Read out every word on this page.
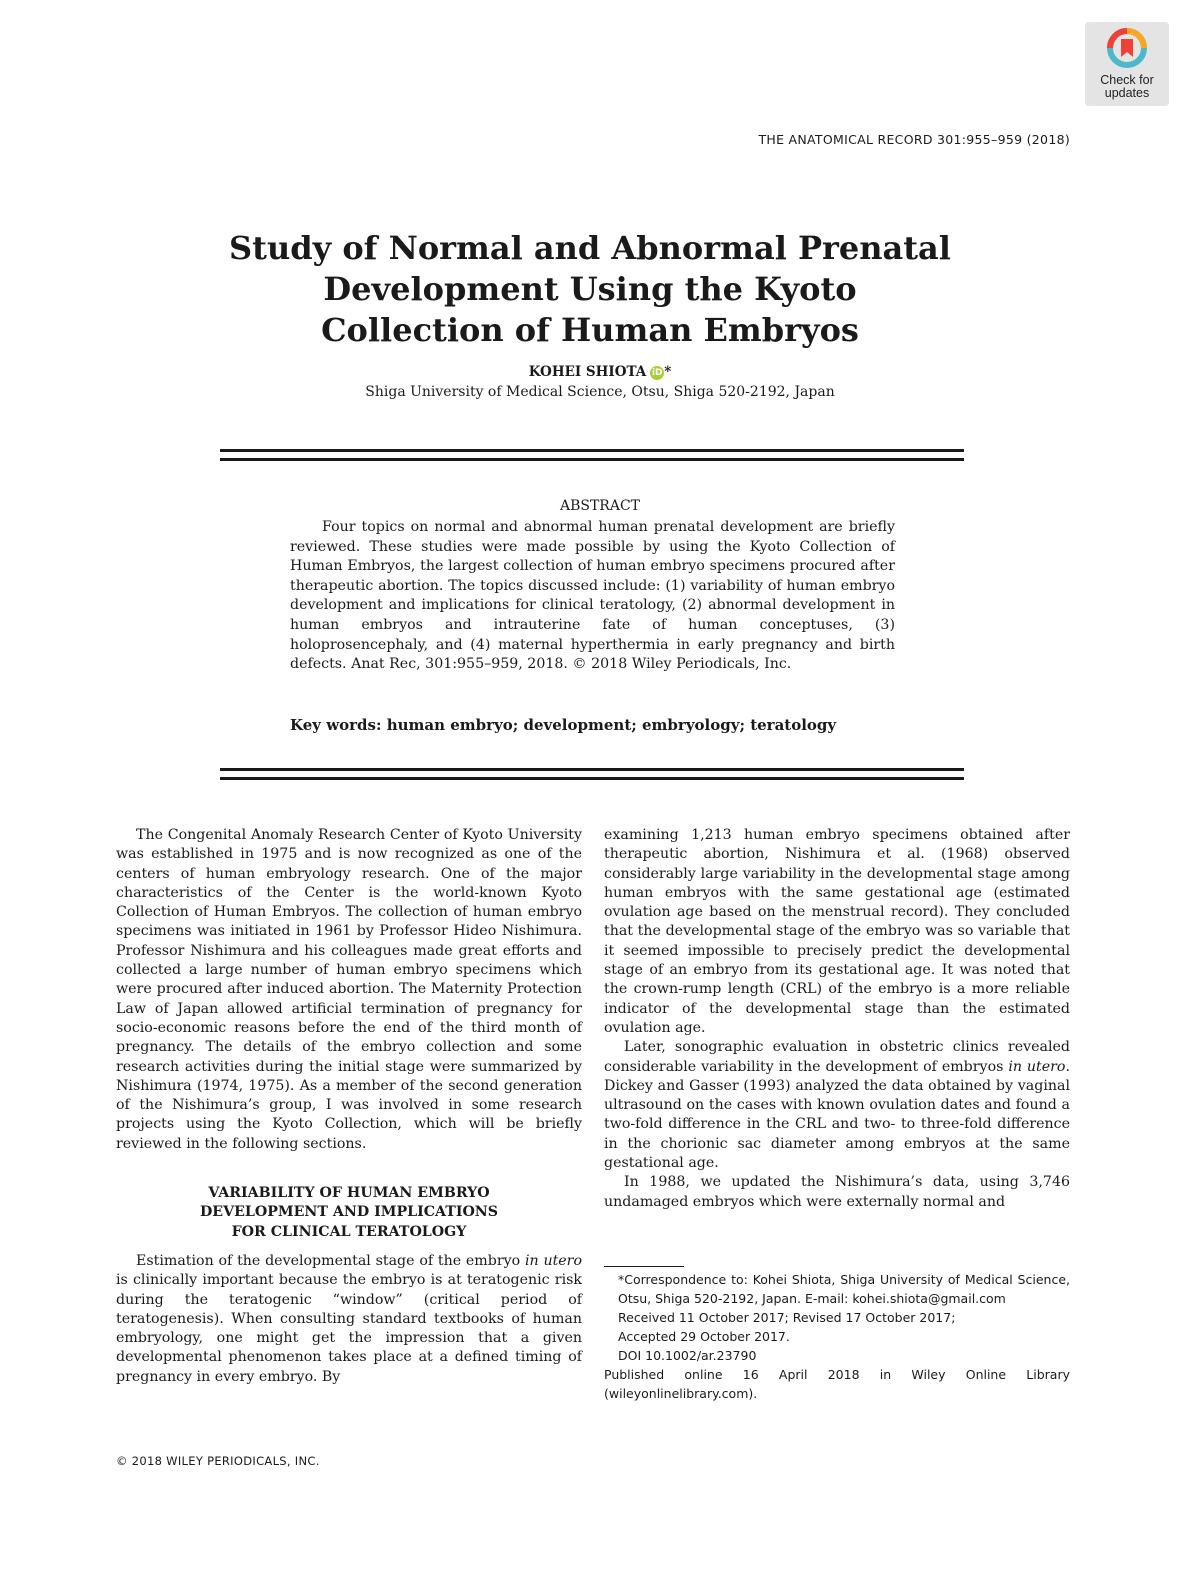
Check for
updates
THE ANATOMICAL RECORD 301:955–959 (2018)
Study of Normal and Abnormal Prenatal
Development Using the Kyoto
Collection of Human Embryos
KOHEI SHIOTA iD *
Shiga University of Medical Science, Otsu, Shiga 520-2192, Japan
ABSTRACT
Four topics on normal and abnormal human prenatal development are briefly reviewed. These studies were made possible by using the Kyoto Collection of Human Embryos, the largest collection of human embryo specimens procured after therapeutic abortion. The topics discussed include: (1) variability of human embryo development and implications for clinical teratology, (2) abnormal development in human embryos and intrauterine fate of human conceptuses, (3) holoprosencephaly, and (4) maternal hyperthermia in early pregnancy and birth defects. Anat Rec, 301:955–959, 2018. © 2018 Wiley Periodicals, Inc.
Key words: human embryo; development; embryology; teratology

The Congenital Anomaly Research Center of Kyoto University was established in 1975 and is now recognized as one of the centers of human embryology research. One of the major characteristics of the Center is the world-known Kyoto Collection of Human Embryos. The collection of human embryo specimens was initiated in 1961 by Professor Hideo Nishimura. Professor Nishimura and his colleagues made great efforts and collected a large number of human embryo specimens which were procured after induced abortion. The Maternity Protection Law of Japan allowed artificial termination of pregnancy for socio-economic reasons before the end of the third month of pregnancy. The details of the embryo collection and some research activities during the initial stage were summarized by Nishimura (1974, 1975). As a member of the second generation of the Nishimura’s group, I was involved in some research projects using the Kyoto Collection, which will be briefly reviewed in the following sections.

VARIABILITY OF HUMAN EMBRYO
DEVELOPMENT AND IMPLICATIONS
FOR CLINICAL TERATOLOGY

Estimation of the developmental stage of the embryo in utero is clinically important because the embryo is at teratogenic risk during the teratogenic “window” (critical period of teratogenesis). When consulting standard textbooks of human embryology, one might get the impression that a given developmental phenomenon takes place at a defined timing of pregnancy in every embryo. By

examining 1,213 human embryo specimens obtained after therapeutic abortion, Nishimura et al. (1968) observed considerably large variability in the developmental stage among human embryos with the same gestational age (estimated ovulation age based on the menstrual record). They concluded that the developmental stage of the embryo was so variable that it seemed impossible to precisely predict the developmental stage of an embryo from its gestational age. It was noted that the crown-rump length (CRL) of the embryo is a more reliable indicator of the developmental stage than the estimated ovulation age.

Later, sonographic evaluation in obstetric clinics revealed considerable variability in the development of embryos in utero. Dickey and Gasser (1993) analyzed the data obtained by vaginal ultrasound on the cases with known ovulation dates and found a two-fold difference in the CRL and two- to three-fold difference in the chorionic sac diameter among embryos at the same gestational age.

In 1988, we updated the Nishimura’s data, using 3,746 undamaged embryos which were externally normal and

*Correspondence to: Kohei Shiota, Shiga University of Medical Science, Otsu, Shiga 520-2192, Japan. E-mail: kohei.shiota@gmail.com

Received 11 October 2017; Revised 17 October 2017;

Accepted 29 October 2017.

DOI 10.1002/ar.23790

Published online 16 April 2018 in Wiley Online Library (wileyonlinelibrary.com).

© 2018 WILEY PERIODICALS, INC.
